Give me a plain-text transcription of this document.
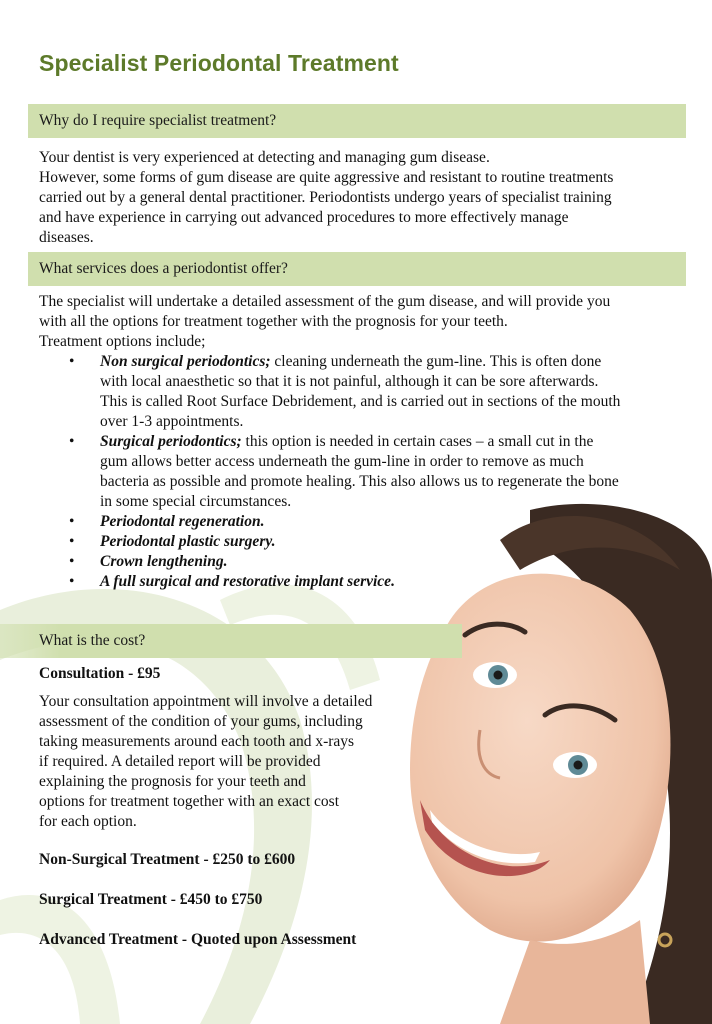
Specialist Periodontal Treatment
Why do I require specialist treatment?

Your dentist is very experienced at detecting and managing gum disease.
However, some forms of gum disease are quite aggressive and resistant to routine treatments
carried out by a general dental practitioner. Periodontists undergo years of specialist training
and have experience in carrying out advanced procedures to more effectively manage
diseases.

What services does a periodontist offer?

The specialist will undertake a detailed assessment of the gum disease, and will provide you
with all the options for treatment together with the prognosis for your teeth.
Treatment options include;

• Non surgical periodontics; cleaning underneath the gum-line. This is often done
with local anaesthetic so that it is not painful, although it can be sore afterwards.
This is called Root Surface Debridement, and is carried out in sections of the mouth
over 1-3 appointments.
• Surgical periodontics; this option is needed in certain cases – a small cut in the
gum allows better access underneath the gum-line in order to remove as much
bacteria as possible and promote healing. This also allows us to regenerate the bone
in some special circumstances.
• Periodontal regeneration.
• Periodontal plastic surgery.
• Crown lengthening.
• A full surgical and restorative implant service.
What is the cost?

Consultation - £95

Your consultation appointment will involve a detailed
assessment of the condition of your gums, including
taking measurements around each tooth and x-rays
if required. A detailed report will be provided
explaining the prognosis for your teeth and
options for treatment together with an exact cost
for each option.

Non-Surgical Treatment - £250 to £600

Surgical Treatment - £450 to £750

Advanced Treatment - Quoted upon Assessment
